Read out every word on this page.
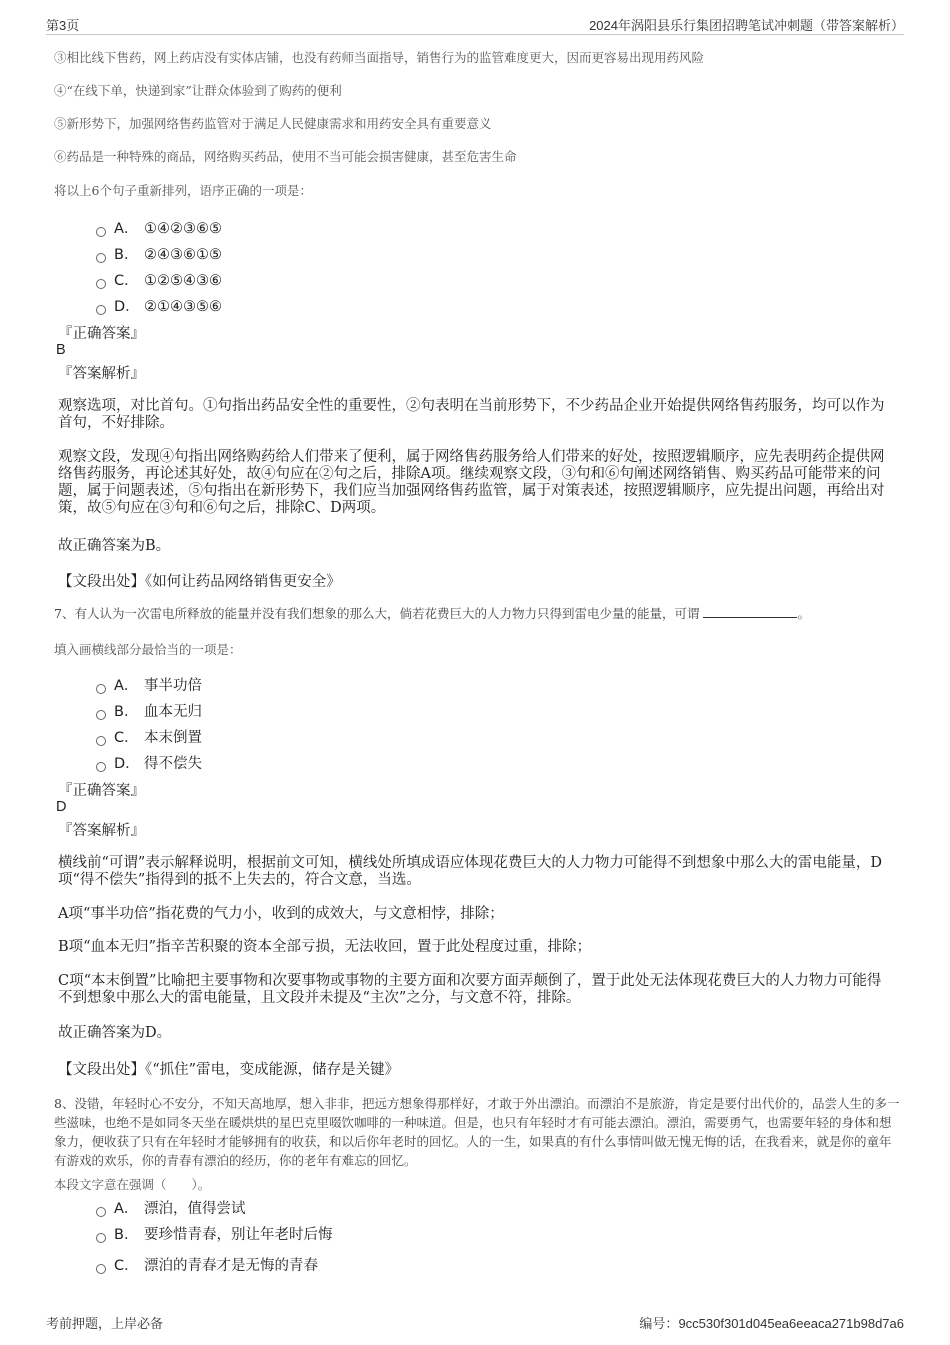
第3页	2024年涡阳县乐行集团招聘笔试冲刺题（带答案解析）
③相比线下售药，网上药店没有实体店铺，也没有药师当面指导，销售行为的监管难度更大，因而更容易出现用药风险
④“在线下单，快递到家”让群众体验到了购药的便利
⑤新形势下，加强网络售药监管对于满足人民健康需求和用药安全具有重要意义
⑥药品是一种特殊的商品，网络购买药品，使用不当可能会损害健康，甚至危害生命
将以上6个句子重新排列，语序正确的一项是：
A． ①④②③⑥⑤
B． ②④③⑥①⑤
C． ①②⑤④③⑥
D． ②①④③⑤⑥
『正确答案』
B
『答案解析』
观察选项，对比首句。①句指出药品安全性的重要性，②句表明在当前形势下，不少药品企业开始提供网络售药服务，均可以作为首句，不好排除。
观察文段，发现④句指出网络购药给人们带来了便利，属于网络售药服务给人们带来的好处，按照逻辑顺序，应先表明药企提供网络售药服务，再论述其好处，故④句应在②句之后，排除A项。继续观察文段，③句和⑥句阐述网络销售、购买药品可能带来的问题，属于问题表述，⑤句指出在新形势下，我们应当加强网络售药监管，属于对策表述，按照逻辑顺序，应先提出问题，再给出对策，故⑤句应在③句和⑥句之后，排除C、D两项。
故正确答案为B。
【文段出处】《如何让药品网络销售更安全》
7、有人认为一次雷电所释放的能量并没有我们想象的那么大，倘若花费巨大的人力物力只得到雷电少量的能量，可谓	。
填入画横线部分最恰当的一项是：
A． 事半功倍
B． 血本无归
C． 本末倒置
D． 得不偿失
『正确答案』
D
『答案解析』
横线前“可谓”表示解释说明，根据前文可知，横线处所填成语应体现花费巨大的人力物力可能得不到想象中那么大的雷电能量，D项“得不偿失”指得到的抵不上失去的，符合文意，当选。
A项“事半功倍”指花费的气力小，收到的成效大，与文意相悖，排除；
B项“血本无归”指辛苦积聚的资本全部亏损，无法收回，置于此处程度过重，排除；
C项“本末倒置”比喻把主要事物和次要事物或事物的主要方面和次要方面弄颠倒了，置于此处无法体现花费巨大的人力物力可能得不到想象中那么大的雷电能量，且文段并未提及“主次”之分，与文意不符，排除。
故正确答案为D。
【文段出处】《“抓住”雷电，变成能源，储存是关键》
8、没错，年轻时心不安分，不知天高地厚，想入非非，把远方想象得那样好，才敢于外出漂泊。而漂泊不是旅游，肯定是要付出代价的，品尝人生的多一些滋味，也绝不是如同冬天坐在暖烘烘的星巴克里啜饮咖啡的一种味道。但是，也只有年轻时才有可能去漂泊。漂泊，需要勇气，也需要年轻的身体和想象力，便收获了只有在年轻时才能够拥有的收获，和以后你年老时的回忆。人的一生，如果真的有什么事情叫做无愧无悔的话，在我看来，就是你的童年有游戏的欢乐，你的青春有漂泊的经历，你的老年有难忘的回忆。
本段文字意在强调（　　）。
A． 漂泊，值得尝试
B． 要珍惜青春，别让年老时后悔
C． 漂泊的青春才是无悔的青春
考前押题，上岸必备	编号：9cc530f301d045ea6eeaca271b98d7a6
